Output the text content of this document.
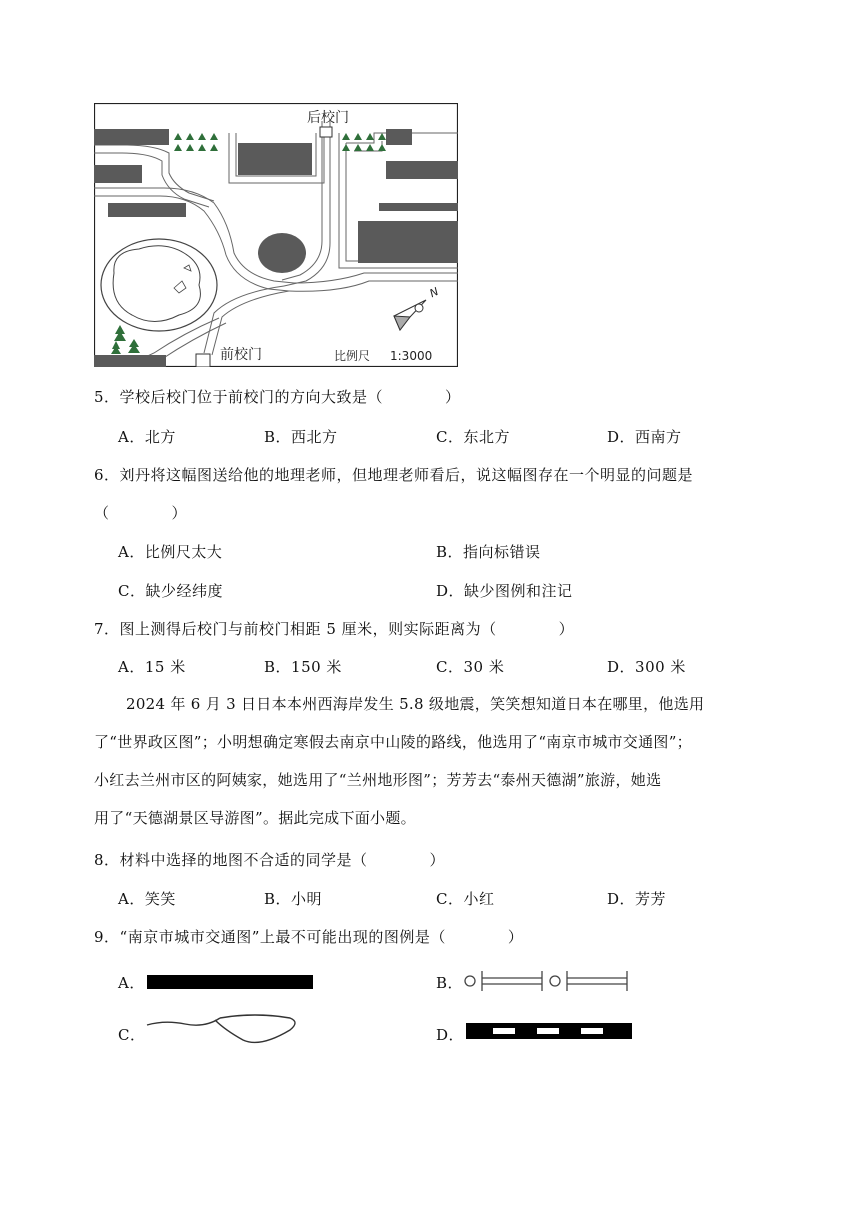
后校门
前校门	比例尺 1:3000
N
5．学校后校门位于前校门的方向大致是（　　　　）
A．北方	B．西北方	C．东北方	D．西南方
6．刘丹将这幅图送给他的地理老师，但地理老师看后，说这幅图存在一个明显的问题是
（　　　　）
A．比例尺太大	B．指向标错误
C．缺少经纬度	D．缺少图例和注记
7．图上测得后校门与前校门相距 5 厘米，则实际距离为（　　　　）
A．15 米	B．150 米	C．30 米	D．300 米
2024 年 6 月 3 日日本本州西海岸发生 5.8 级地震，笑笑想知道日本在哪里，他选用
了“世界政区图”；小明想确定寒假去南京中山陵的路线，他选用了“南京市城市交通图”；
小红去兰州市区的阿姨家，她选用了“兰州地形图”；芳芳去“泰州天德湖”旅游，她选
用了“天德湖景区导游图”。据此完成下面小题。
8．材料中选择的地图不合适的同学是（　　　　）
A．笑笑	B．小明	C．小红	D．芳芳
9．“南京市城市交通图”上最不可能出现的图例是（　　　　）
A．	B．
C．	D．
